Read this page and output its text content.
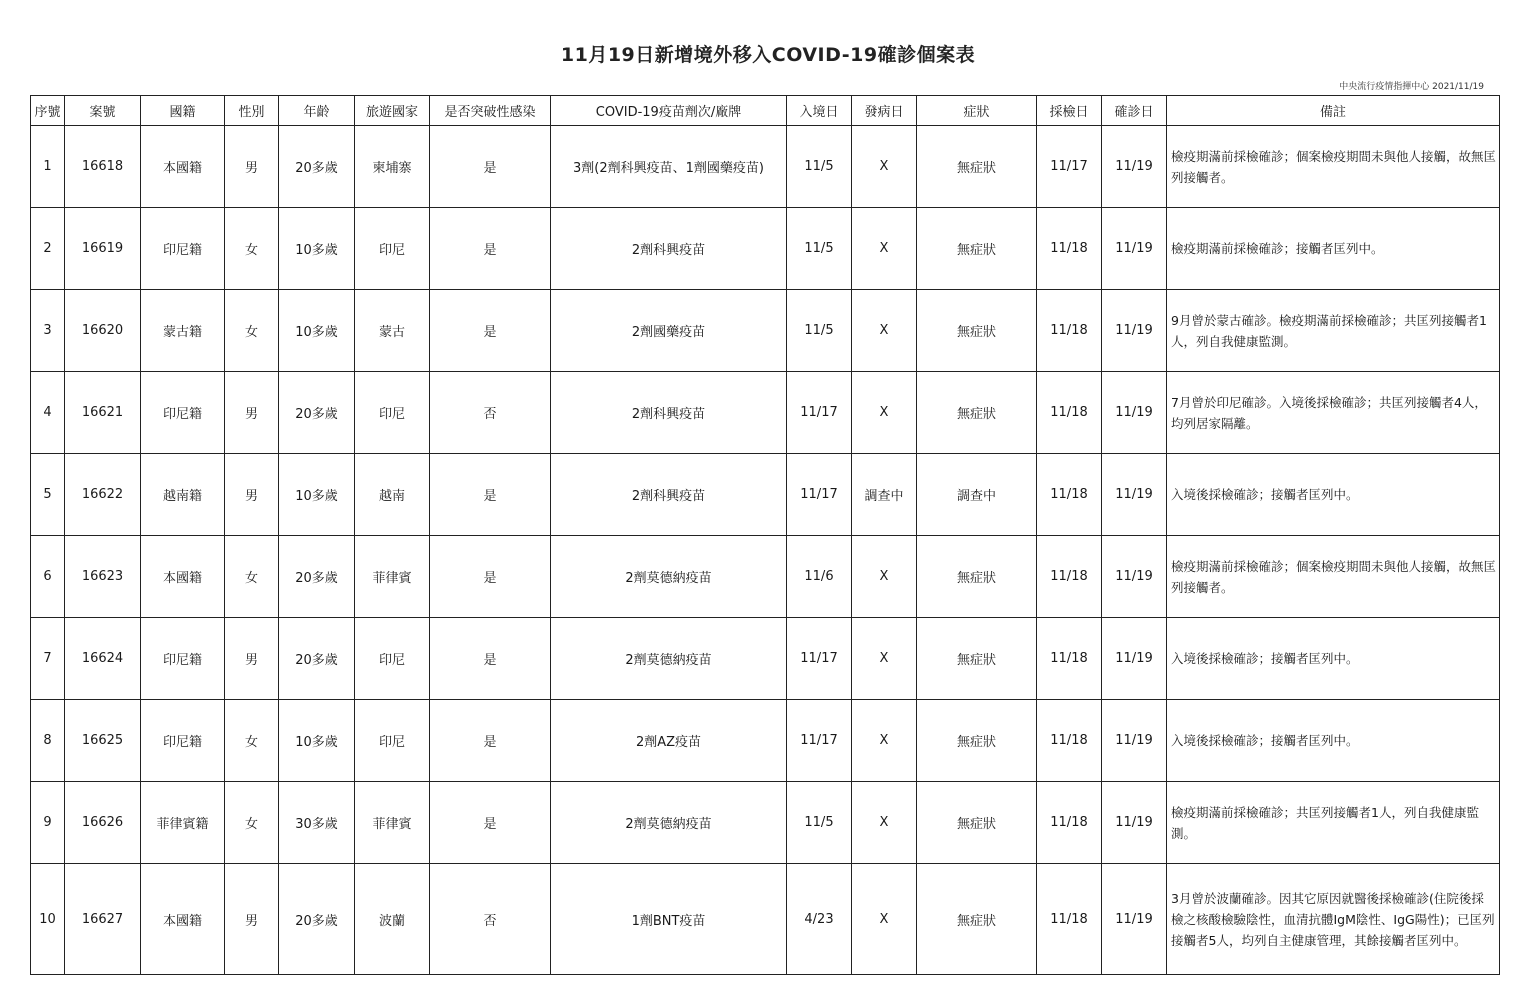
11月19日新增境外移入COVID-19確診個案表
中央流行疫情指揮中心 2021/11/19
序號	案號	國籍	性別	年齡	旅遊國家	是否突破性感染	COVID-19疫苗劑次/廠牌	入境日	發病日	症狀	採檢日	確診日	備註
1	16618	本國籍	男	20多歲	柬埔寨	是	3劑(2劑科興疫苗、1劑國藥疫苗)	11/5	X	無症狀	11/17	11/19	檢疫期滿前採檢確診；個案檢疫期間未與他人接觸，故無匡列接觸者。
2	16619	印尼籍	女	10多歲	印尼	是	2劑科興疫苗	11/5	X	無症狀	11/18	11/19	檢疫期滿前採檢確診；接觸者匡列中。
3	16620	蒙古籍	女	10多歲	蒙古	是	2劑國藥疫苗	11/5	X	無症狀	11/18	11/19	9月曾於蒙古確診。檢疫期滿前採檢確診；共匡列接觸者1人，列自我健康監測。
4	16621	印尼籍	男	20多歲	印尼	否	2劑科興疫苗	11/17	X	無症狀	11/18	11/19	7月曾於印尼確診。入境後採檢確診；共匡列接觸者4人，均列居家隔離。
5	16622	越南籍	男	10多歲	越南	是	2劑科興疫苗	11/17	調查中	調查中	11/18	11/19	入境後採檢確診；接觸者匡列中。
6	16623	本國籍	女	20多歲	菲律賓	是	2劑莫德納疫苗	11/6	X	無症狀	11/18	11/19	檢疫期滿前採檢確診；個案檢疫期間未與他人接觸，故無匡列接觸者。
7	16624	印尼籍	男	20多歲	印尼	是	2劑莫德納疫苗	11/17	X	無症狀	11/18	11/19	入境後採檢確診；接觸者匡列中。
8	16625	印尼籍	女	10多歲	印尼	是	2劑AZ疫苗	11/17	X	無症狀	11/18	11/19	入境後採檢確診；接觸者匡列中。
9	16626	菲律賓籍	女	30多歲	菲律賓	是	2劑莫德納疫苗	11/5	X	無症狀	11/18	11/19	檢疫期滿前採檢確診；共匡列接觸者1人，列自我健康監測。
10	16627	本國籍	男	20多歲	波蘭	否	1劑BNT疫苗	4/23	X	無症狀	11/18	11/19	3月曾於波蘭確診。因其它原因就醫後採檢確診(住院後採檢之核酸檢驗陰性，血清抗體IgM陰性、IgG陽性)；已匡列接觸者5人，均列自主健康管理，其餘接觸者匡列中。
